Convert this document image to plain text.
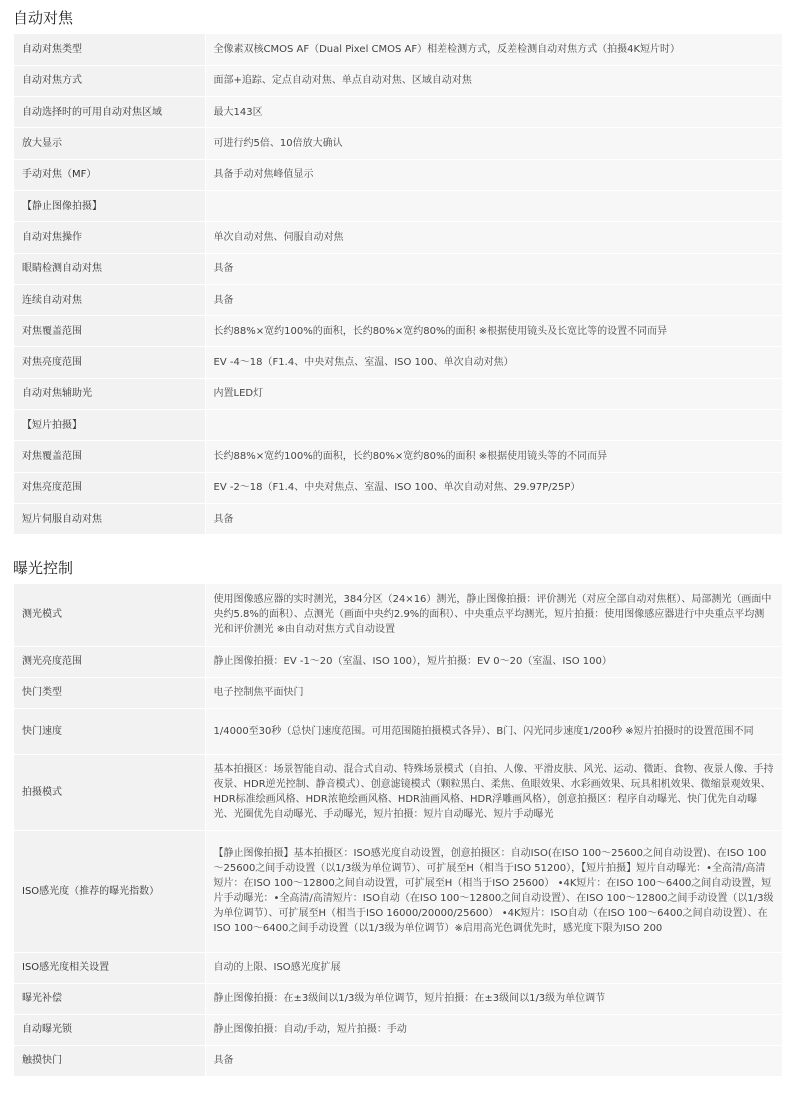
自动对焦
自动对焦类型	全像素双核CMOS AF（Dual Pixel CMOS AF）相差检测方式，反差检测自动对焦方式（拍摄4K短片时）
自动对焦方式	面部+追踪、定点自动对焦、单点自动对焦、区域自动对焦
自动选择时的可用自动对焦区域	最大143区
放大显示	可进行约5倍、10倍放大确认
手动对焦（MF）	具备手动对焦峰值显示
【静止图像拍摄】	
自动对焦操作	单次自动对焦、伺服自动对焦
眼睛检测自动对焦	具备
连续自动对焦	具备
对焦覆盖范围	长约88%×宽约100%的面积，长约80%×宽约80%的面积 ※根据使用镜头及长宽比等的设置不同而异
对焦亮度范围	EV -4～18（F1.4、中央对焦点、室温、ISO 100、单次自动对焦）
自动对焦辅助光	内置LED灯
【短片拍摄】	
对焦覆盖范围	长约88%×宽约100%的面积，长约80%×宽约80%的面积 ※根据使用镜头等的不同而异
对焦亮度范围	EV -2～18（F1.4、中央对焦点、室温、ISO 100、单次自动对焦、29.97P/25P）
短片伺服自动对焦	具备
曝光控制
测光模式	使用图像感应器的实时测光，384分区（24×16）测光，静止图像拍摄：评价测光（对应全部自动对焦框）、局部测光（画面中央约5.8%的面积）、点测光（画面中央约2.9%的面积）、中央重点平均测光，短片拍摄：使用图像感应器进行中央重点平均测光和评价测光 ※由自动对焦方式自动设置
测光亮度范围	静止图像拍摄：EV -1～20（室温、ISO 100），短片拍摄：EV 0～20（室温、ISO 100）
快门类型	电子控制焦平面快门
快门速度	1/4000至30秒（总快门速度范围。可用范围随拍摄模式各异）、B门、闪光同步速度1/200秒 ※短片拍摄时的设置范围不同
拍摄模式	基本拍摄区：场景智能自动、混合式自动、特殊场景模式（自拍、人像、平滑皮肤、风光、运动、微距、食物、夜景人像、手持夜景、HDR逆光控制、静音模式）、创意滤镜模式（颗粒黑白、柔焦、鱼眼效果、水彩画效果、玩具相机效果、微缩景观效果、HDR标准绘画风格、HDR浓艳绘画风格、HDR油画风格、HDR浮雕画风格），创意拍摄区：程序自动曝光、快门优先自动曝光、光圈优先自动曝光、手动曝光，短片拍摄：短片自动曝光、短片手动曝光
ISO感光度（推荐的曝光指数）	【静止图像拍摄】基本拍摄区：ISO感光度自动设置，创意拍摄区：自动ISO(在ISO 100～25600之间自动设置)、在ISO 100～25600之间手动设置（以1/3级为单位调节）、可扩展至H（相当于ISO 51200），【短片拍摄】短片自动曝光：•全高清/高清短片：在ISO 100～12800之间自动设置，可扩展至H（相当于ISO 25600） •4K短片：在ISO 100～6400之间自动设置，短片手动曝光：•全高清/高清短片：ISO自动（在ISO 100～12800之间自动设置）、在ISO 100～12800之间手动设置（以1/3级为单位调节）、可扩展至H（相当于ISO 16000/20000/25600） •4K短片：ISO自动（在ISO 100～6400之间自动设置）、在ISO 100～6400之间手动设置（以1/3级为单位调节）※启用高光色调优先时，感光度下限为ISO 200
ISO感光度相关设置	自动的上限、ISO感光度扩展
曝光补偿	静止图像拍摄：在±3级间以1/3级为单位调节，短片拍摄：在±3级间以1/3级为单位调节
自动曝光锁	静止图像拍摄：自动/手动，短片拍摄：手动
触摸快门	具备
